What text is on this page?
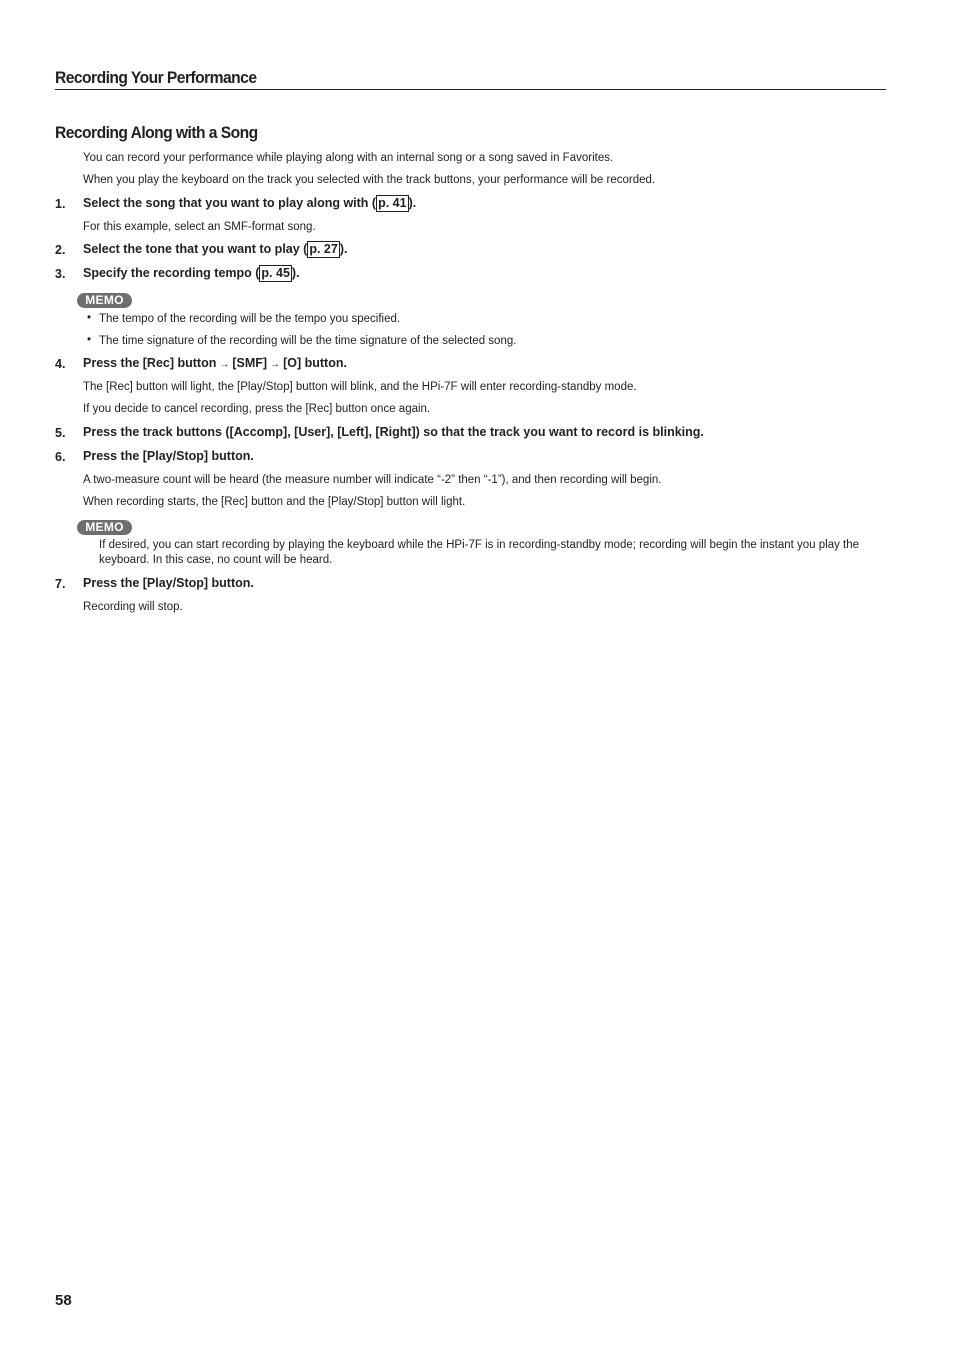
Recording Your Performance
Recording Along with a Song
You can record your performance while playing along with an internal song or a song saved in Favorites.
When you play the keyboard on the track you selected with the track buttons, your performance will be recorded.
1. Select the song that you want to play along with ( p. 41 ).
For this example, select an SMF-format song.
2. Select the tone that you want to play ( p. 27 ).
3. Specify the recording tempo ( p. 45 ).
MEMO
• The tempo of the recording will be the tempo you specified.
• The time signature of the recording will be the time signature of the selected song.
4. Press the [Rec] button → [SMF] → [O] button.
The [Rec] button will light, the [Play/Stop] button will blink, and the HPi-7F will enter recording-standby mode.
If you decide to cancel recording, press the [Rec] button once again.
5. Press the track buttons ([Accomp], [User], [Left], [Right]) so that the track you want to record is blinking.
6. Press the [Play/Stop] button.
A two-measure count will be heard (the measure number will indicate “-2” then “-1”), and then recording will begin.
When recording starts, the [Rec] button and the [Play/Stop] button will light.
MEMO
If desired, you can start recording by playing the keyboard while the HPi-7F is in recording-standby mode; recording will begin the instant you play the keyboard. In this case, no count will be heard.
7. Press the [Play/Stop] button.
Recording will stop.
58
